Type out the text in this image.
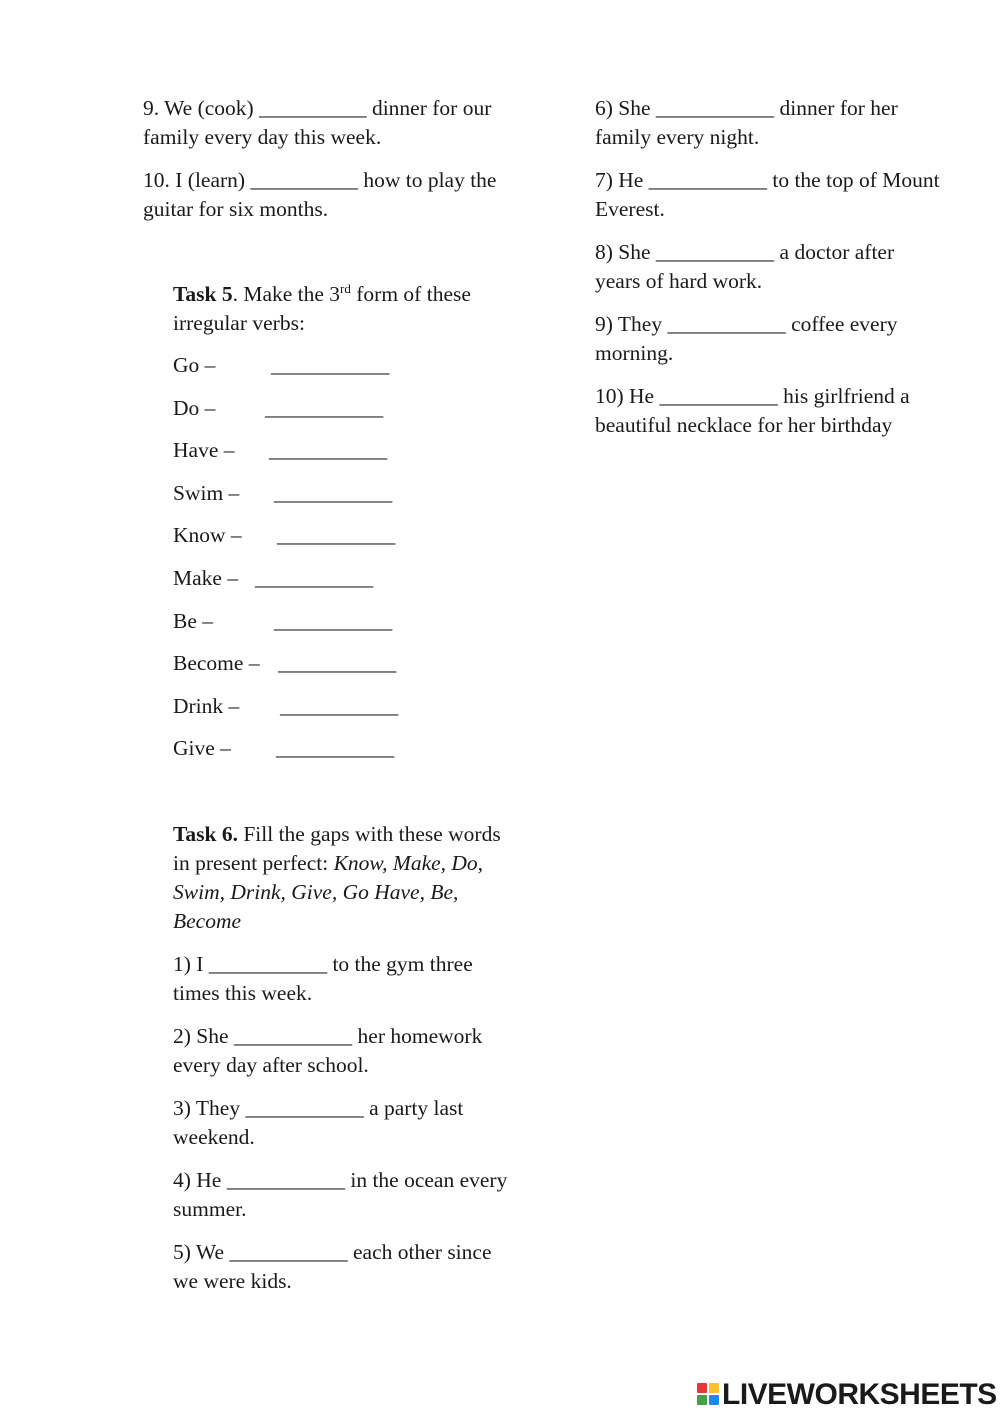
9. We (cook) __________ dinner for our family every day this week.

10. I (learn) __________ how to play the guitar for six months.

Task 5. Make the 3rd form of these irregular verbs:

Go –	___________
Do – ___________
Have – ___________
Swim – ___________
Know – ___________
Make – ___________
Be –	___________
Become – ___________
Drink – ___________
Give – ___________

Task 6. Fill the gaps with these words in present perfect: Know, Make, Do, Swim, Drink, Give, Go Have, Be, Become

1) I ___________ to the gym three times this week.

2) She ___________ her homework every day after school.

3) They ___________ a party last weekend.

4) He ___________ in the ocean every summer.

5) We ___________ each other since we were kids.

6) She ___________ dinner for her family every night.

7) He ___________ to the top of Mount Everest.

8) She ___________ a doctor after years of hard work.

9) They ___________ coffee every morning.

10) He ___________ his girlfriend a beautiful necklace for her birthday

LIVEWORKSHEETS
